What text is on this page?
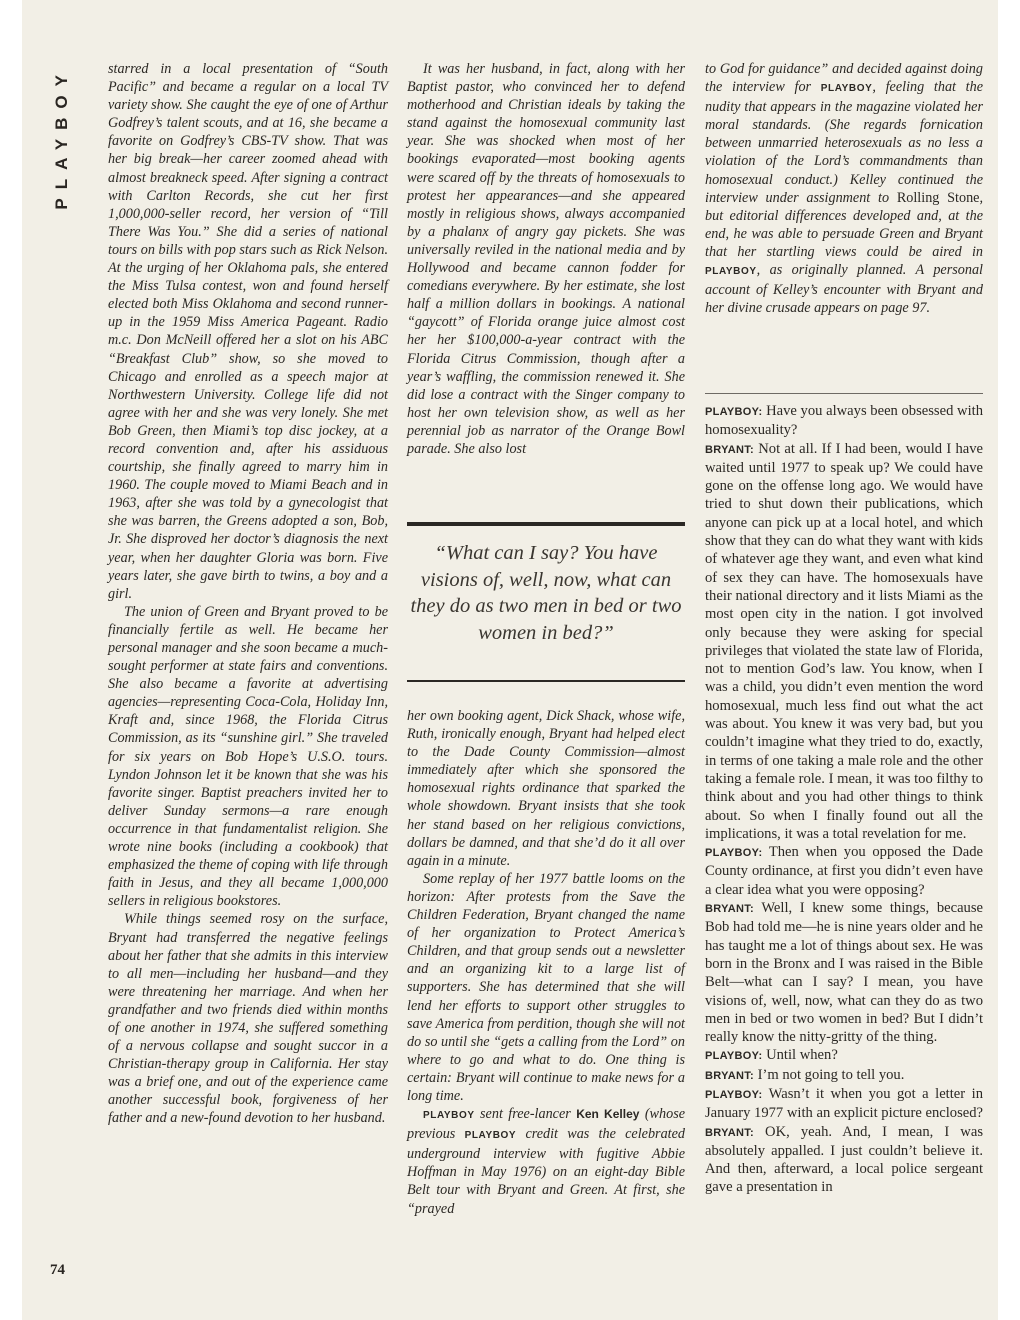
PLAYBOY	starred in a local presentation of “South Pacific” and became a regular on a local TV variety show. She caught the eye of one of Arthur Godfrey’s talent scouts, and at 16, she became a favorite on Godfrey’s CBS-TV show. That was her big break—her career zoomed ahead with almost breakneck speed. After signing a contract with Carlton Records, she cut her first 1,000,000-seller record, her version of “Till There Was You.” She did a series of national tours on bills with pop stars such as Rick Nelson. At the urging of her Oklahoma pals, she entered the Miss Tulsa contest, won and found herself elected both Miss Oklahoma and second runner-up in the 1959 Miss America Pageant. Radio m.c. Don McNeill offered her a slot on his ABC “Breakfast Club” show, so she moved to Chicago and enrolled as a speech major at Northwestern University. College life did not agree with her and she was very lonely. She met Bob Green, then Miami’s top disc jockey, at a record convention and, after his assiduous courtship, she finally agreed to marry him in 1960. The couple moved to Miami Beach and in 1963, after she was told by a gynecologist that she was barren, the Greens adopted a son, Bob, Jr. She disproved her doctor’s diagnosis the next year, when her daughter Gloria was born. Five years later, she gave birth to twins, a boy and a girl.

The union of Green and Bryant proved to be financially fertile as well. He became her personal manager and she soon became a much-sought performer at state fairs and conventions. She also became a favorite at advertising agencies—representing Coca-Cola, Holiday Inn, Kraft and, since 1968, the Florida Citrus Commission, as its “sunshine girl.” She traveled for six years on Bob Hope’s U.S.O. tours. Lyndon Johnson let it be known that she was his favorite singer. Baptist preachers invited her to deliver Sunday sermons—a rare enough occurrence in that fundamentalist religion. She wrote nine books (including a cookbook) that emphasized the theme of coping with life through faith in Jesus, and they all became 1,000,000 sellers in religious bookstores.

While things seemed rosy on the surface, Bryant had transferred the negative feelings about her father that she admits in this interview to all men—including her husband—and they were threatening her marriage. And when her grandfather and two friends died within months of one another in 1974, she suffered something of a nervous collapse and sought succor in a Christian-therapy group in California. Her stay was a brief one, and out of the experience came another successful book, forgiveness of her father and a new-found devotion to her husband.

It was her husband, in fact, along with her Baptist pastor, who convinced her to defend motherhood and Christian ideals by taking the stand against the homosexual community last year. She was shocked when most of her bookings evaporated—most booking agents were scared off by the threats of homosexuals to protest her appearances—and she appeared mostly in religious shows, always accompanied by a phalanx of angry gay pickets. She was universally reviled in the national media and by Hollywood and became cannon fodder for comedians everywhere. By her estimate, she lost half a million dollars in bookings. A national “gaycott” of Florida orange juice almost cost her her $100,000-a-year contract with the Florida Citrus Commission, though after a year’s waffling, the commission renewed it. She did lose a contract with the Singer company to host her own television show, as well as her perennial job as narrator of the Orange Bowl parade. She also lost

“What can I say? You have visions of, well, now, what can they do as two men in bed or two women in bed?”

her own booking agent, Dick Shack, whose wife, Ruth, ironically enough, Bryant had helped elect to the Dade County Commission—almost immediately after which she sponsored the homosexual rights ordinance that sparked the whole showdown. Bryant insists that she took her stand based on her religious convictions, dollars be damned, and that she’d do it all over again in a minute.

Some replay of her 1977 battle looms on the horizon: After protests from the Save the Children Federation, Bryant changed the name of her organization to Protect America’s Children, and that group sends out a newsletter and an organizing kit to a large list of supporters. She has determined that she will lend her efforts to support other struggles to save America from perdition, though she will not do so until she “gets a calling from the Lord” on where to go and what to do. One thing is certain: Bryant will continue to make news for a long time.

PLAYBOY sent free-lancer Ken Kelley (whose previous PLAYBOY credit was the celebrated underground interview with fugitive Abbie Hoffman in May 1976) on an eight-day Bible Belt tour with Bryant and Green. At first, she “prayed

to God for guidance” and decided against doing the interview for PLAYBOY, feeling that the nudity that appears in the magazine violated her moral standards. (She regards fornication between unmarried heterosexuals as no less a violation of the Lord’s commandments than homosexual conduct.) Kelley continued the interview under assignment to Rolling Stone, but editorial differences developed and, at the end, he was able to persuade Green and Bryant that her startling views could be aired in PLAYBOY, as originally planned. A personal account of Kelley’s encounter with Bryant and her divine crusade appears on page 97.

PLAYBOY: Have you always been obsessed with homosexuality?

BRYANT: Not at all. If I had been, would I have waited until 1977 to speak up? We could have gone on the offense long ago. We would have tried to shut down their publications, which anyone can pick up at a local hotel, and which show that they can do what they want with kids of whatever age they want, and even what kind of sex they can have. The homosexuals have their national directory and it lists Miami as the most open city in the nation. I got involved only because they were asking for special privileges that violated the state law of Florida, not to mention God’s law. You know, when I was a child, you didn’t even mention the word homosexual, much less find out what the act was about. You knew it was very bad, but you couldn’t imagine what they tried to do, exactly, in terms of one taking a male role and the other taking a female role. I mean, it was too filthy to think about and you had other things to think about. So when I finally found out all the implications, it was a total revelation for me.

PLAYBOY: Then when you opposed the Dade County ordinance, at first you didn’t even have a clear idea what you were opposing?

BRYANT: Well, I knew some things, because Bob had told me—he is nine years older and he has taught me a lot of things about sex. He was born in the Bronx and I was raised in the Bible Belt—what can I say? I mean, you have visions of, well, now, what can they do as two men in bed or two women in bed? But I didn’t really know the nitty-gritty of the thing.

PLAYBOY: Until when?

BRYANT: I’m not going to tell you.

PLAYBOY: Wasn’t it when you got a letter in January 1977 with an explicit picture enclosed?

BRYANT: OK, yeah. And, I mean, I was absolutely appalled. I just couldn’t believe it. And then, afterward, a local police sergeant gave a presentation in

74
